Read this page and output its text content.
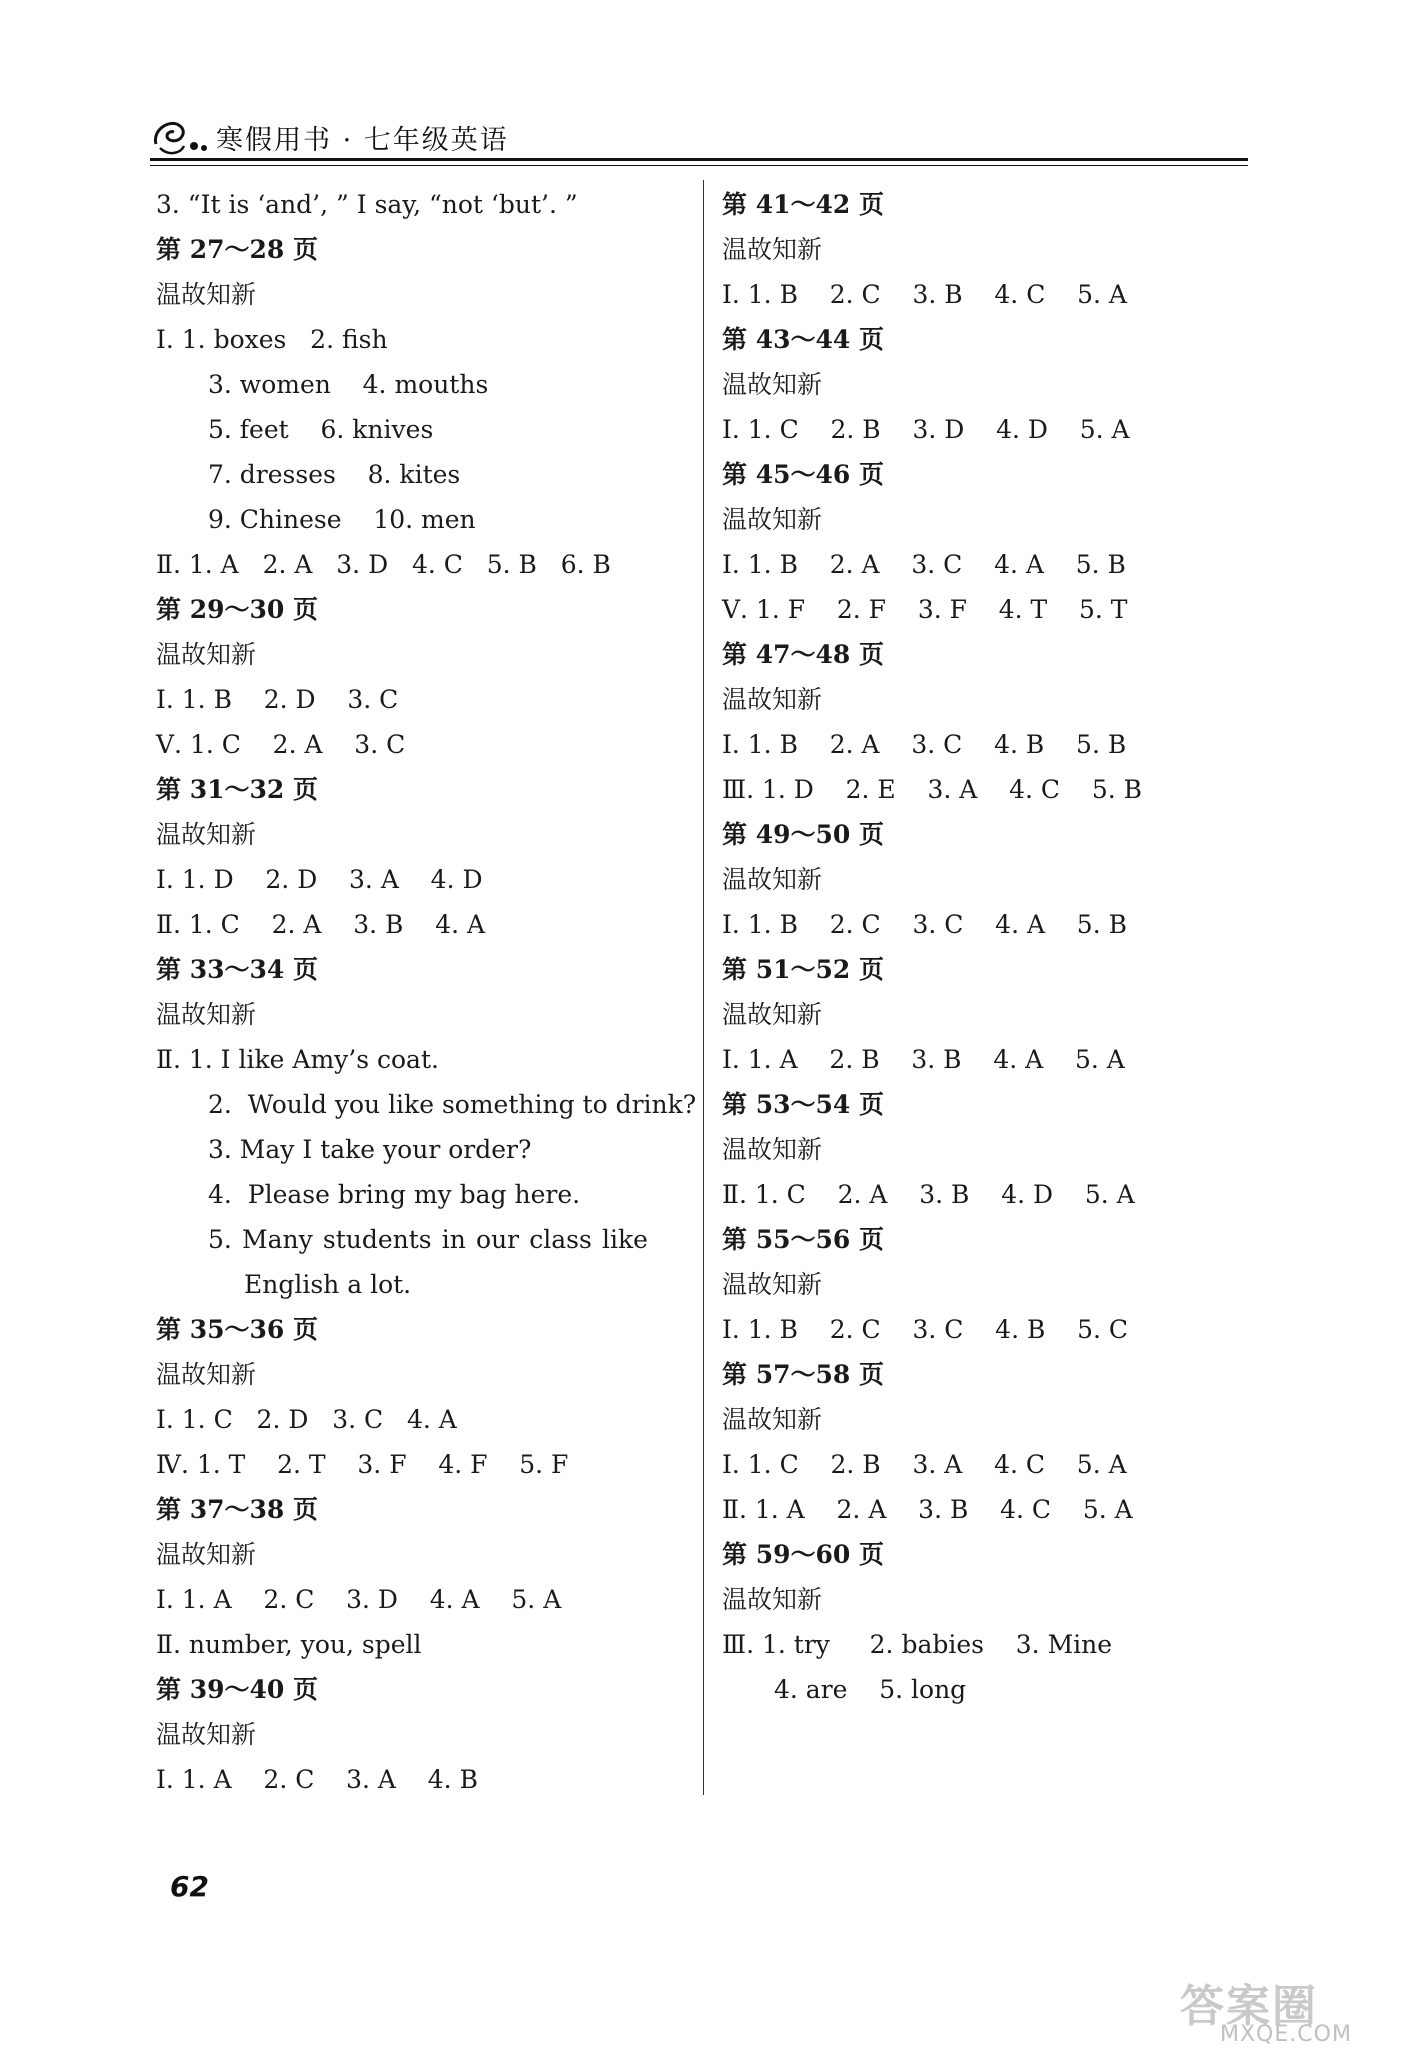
寒假用书 · 七年级英语
3. “It is ‘and’, ” I say, “not ‘but’. ”
第 27～28 页
温故知新
Ⅰ. 1. boxes   2. fish
3. women    4. mouths
5. feet    6. knives
7. dresses    8. kites
9. Chinese    10. men
Ⅱ. 1. A   2. A   3. D   4. C   5. B   6. B
第 29～30 页
温故知新
Ⅰ. 1. B    2. D    3. C
Ⅴ. 1. C    2. A    3. C
第 31～32 页
温故知新
Ⅰ. 1. D    2. D    3. A    4. D
Ⅱ. 1. C    2. A    3. B    4. A
第 33～34 页
温故知新
Ⅱ. 1. I like Amy’s coat.
2.  Would you like something to drink?
3. May I take your order?
4.  Please bring my bag here.
5. Many students in our class like
English a lot.
第 35～36 页
温故知新
Ⅰ. 1. C   2. D   3. C   4. A
Ⅳ. 1. T    2. T    3. F    4. F    5. F
第 37～38 页
温故知新
Ⅰ. 1. A    2. C    3. D    4. A    5. A
Ⅱ. number, you, spell
第 39～40 页
温故知新
Ⅰ. 1. A    2. C    3. A    4. B
第 41～42 页
温故知新
Ⅰ. 1. B    2. C    3. B    4. C    5. A
第 43～44 页
温故知新
Ⅰ. 1. C    2. B    3. D    4. D    5. A
第 45～46 页
温故知新
Ⅰ. 1. B    2. A    3. C    4. A    5. B
Ⅴ. 1. F    2. F    3. F    4. T    5. T
第 47～48 页
温故知新
Ⅰ. 1. B    2. A    3. C    4. B    5. B
Ⅲ. 1. D    2. E    3. A    4. C    5. B
第 49～50 页
温故知新
Ⅰ. 1. B    2. C    3. C    4. A    5. B
第 51～52 页
温故知新
Ⅰ. 1. A    2. B    3. B    4. A    5. A
第 53～54 页
温故知新
Ⅱ. 1. C    2. A    3. B    4. D    5. A
第 55～56 页
温故知新
Ⅰ. 1. B    2. C    3. C    4. B    5. C
第 57～58 页
温故知新
Ⅰ. 1. C    2. B    3. A    4. C    5. A
Ⅱ. 1. A    2. A    3. B    4. C    5. A
第 59～60 页
温故知新
Ⅲ. 1. try     2. babies    3. Mine
4. are    5. long
62
答案圈
MXQE.COM
